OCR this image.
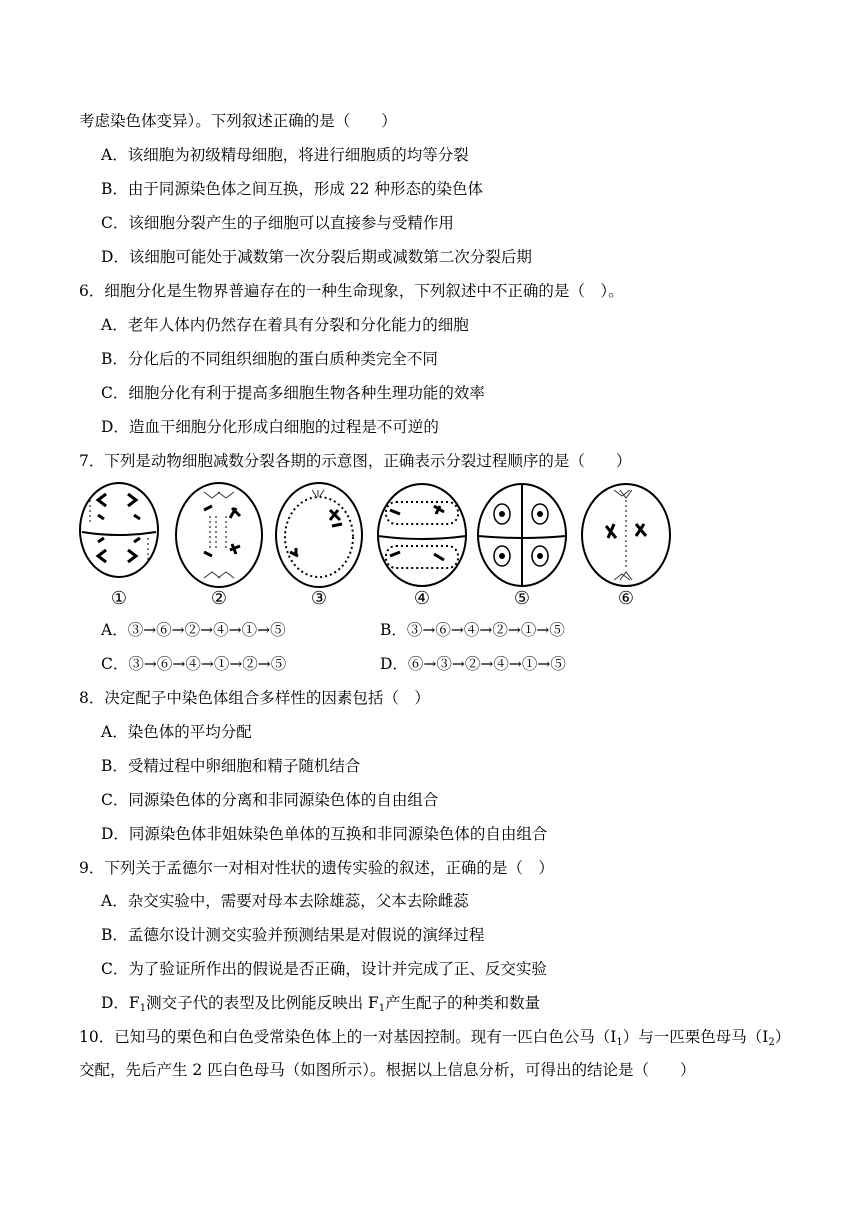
考虑染色体变异）。下列叙述正确的是（　　）
A．该细胞为初级精母细胞，将进行细胞质的均等分裂
B．由于同源染色体之间互换，形成 22 种形态的染色体
C．该细胞分裂产生的子细胞可以直接参与受精作用
D．该细胞可能处于减数第一次分裂后期或减数第二次分裂后期
6．细胞分化是生物界普遍存在的一种生命现象，下列叙述中不正确的是（　）。
A．老年人体内仍然存在着具有分裂和分化能力的细胞
B．分化后的不同组织细胞的蛋白质种类完全不同
C．细胞分化有利于提高多细胞生物各种生理功能的效率
D．造血干细胞分化形成白细胞的过程是不可逆的
7．下列是动物细胞减数分裂各期的示意图，正确表示分裂过程顺序的是（　　）
①	②	③	④	⑤	⑥
A．③→⑥→②→④→①→⑤	B．③→⑥→④→②→①→⑤
C．③→⑥→④→①→②→⑤	D．⑥→③→②→④→①→⑤
8．决定配子中染色体组合多样性的因素包括（　）
A．染色体的平均分配
B．受精过程中卵细胞和精子随机结合
C．同源染色体的分离和非同源染色体的自由组合
D．同源染色体非姐妹染色单体的互换和非同源染色体的自由组合
9．下列关于孟德尔一对相对性状的遗传实验的叙述，正确的是（　）
A．杂交实验中，需要对母本去除雄蕊，父本去除雌蕊
B．孟德尔设计测交实验并预测结果是对假说的演绎过程
C．为了验证所作出的假说是否正确，设计并完成了正、反交实验
D．$F_1$测交子代的表型及比例能反映出 $F_1$产生配子的种类和数量
10．已知马的栗色和白色受常染色体上的一对基因控制。现有一匹白色公马$(Ⅰ_1)$与一匹栗色母马$(Ⅰ_2)$
交配，先后产生 2 匹白色母马（如图所示）。根据以上信息分析，可得出的结论是（　　）
